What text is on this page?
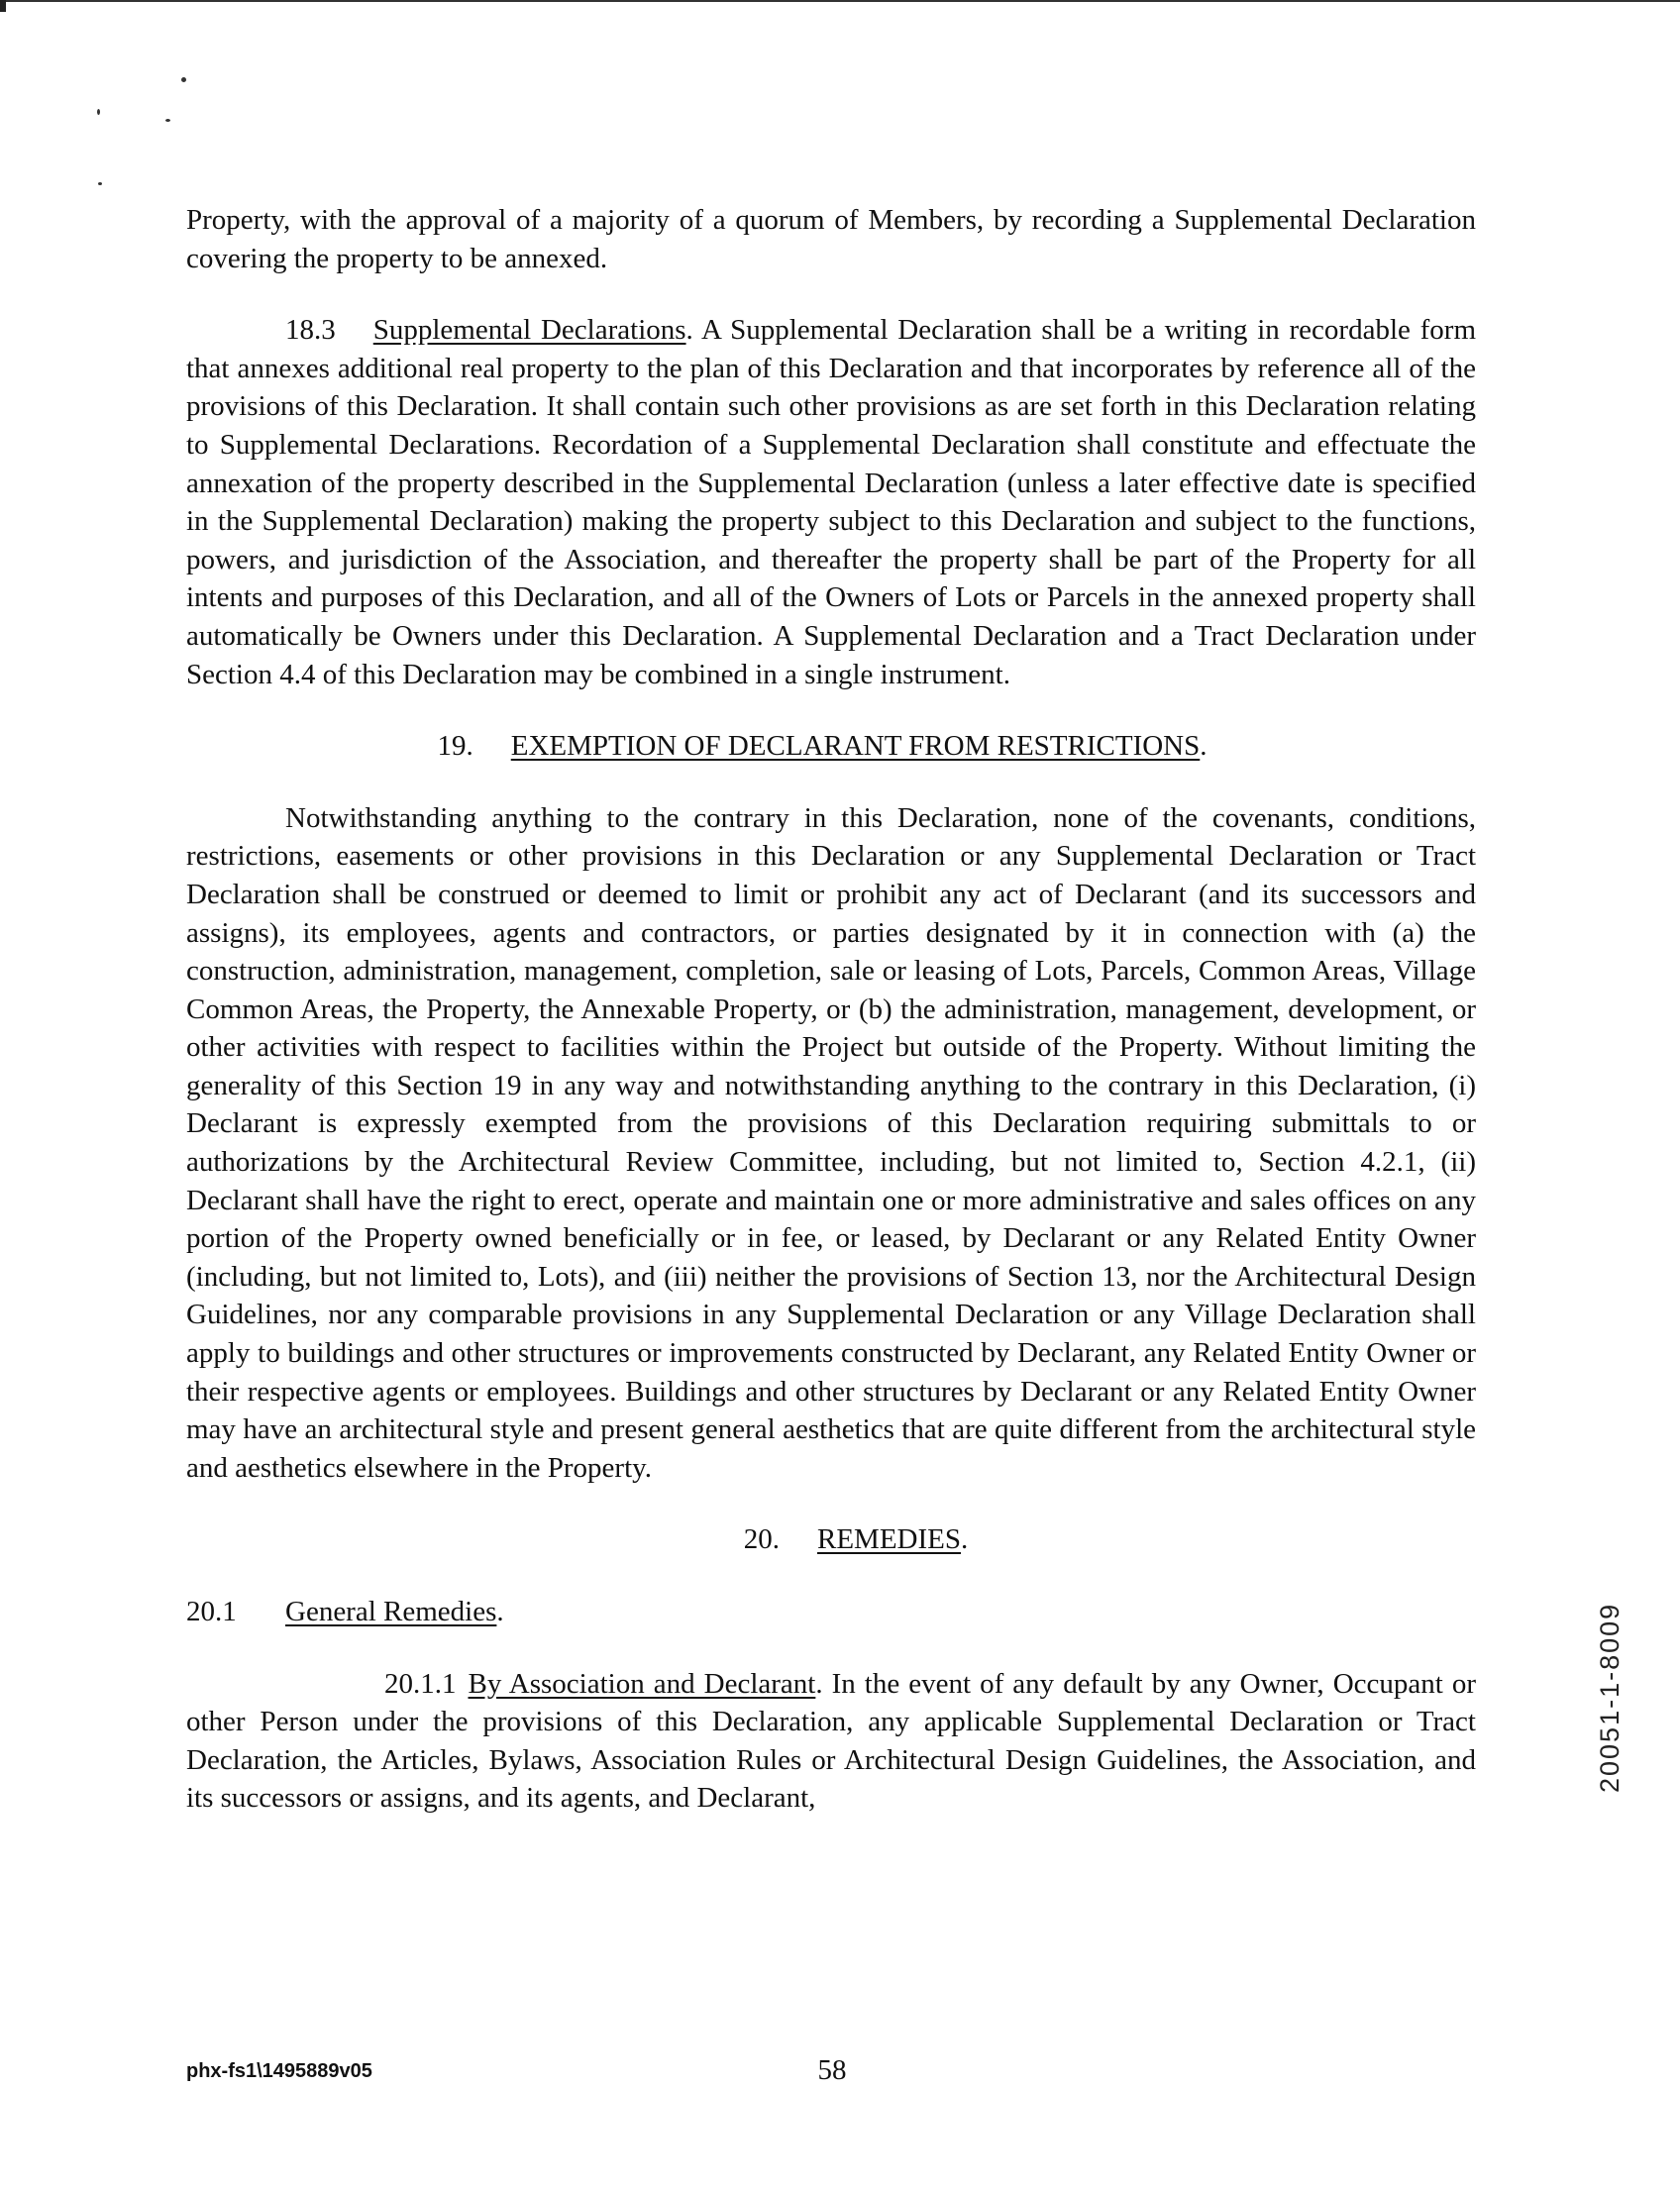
Property, with the approval of a majority of a quorum of Members, by recording a Supplemental Declaration covering the property to be annexed.

18.3 Supplemental Declarations. A Supplemental Declaration shall be a writing in recordable form that annexes additional real property to the plan of this Declaration and that incorporates by reference all of the provisions of this Declaration. It shall contain such other provisions as are set forth in this Declaration relating to Supplemental Declarations. Recordation of a Supplemental Declaration shall constitute and effectuate the annexation of the property described in the Supplemental Declaration (unless a later effective date is specified in the Supplemental Declaration) making the property subject to this Declaration and subject to the functions, powers, and jurisdiction of the Association, and thereafter the property shall be part of the Property for all intents and purposes of this Declaration, and all of the Owners of Lots or Parcels in the annexed property shall automatically be Owners under this Declaration. A Supplemental Declaration and a Tract Declaration under Section 4.4 of this Declaration may be combined in a single instrument.

19. EXEMPTION OF DECLARANT FROM RESTRICTIONS.

Notwithstanding anything to the contrary in this Declaration, none of the covenants, conditions, restrictions, easements or other provisions in this Declaration or any Supplemental Declaration or Tract Declaration shall be construed or deemed to limit or prohibit any act of Declarant (and its successors and assigns), its employees, agents and contractors, or parties designated by it in connection with (a) the construction, administration, management, completion, sale or leasing of Lots, Parcels, Common Areas, Village Common Areas, the Property, the Annexable Property, or (b) the administration, management, development, or other activities with respect to facilities within the Project but outside of the Property. Without limiting the generality of this Section 19 in any way and notwithstanding anything to the contrary in this Declaration, (i) Declarant is expressly exempted from the provisions of this Declaration requiring submittals to or authorizations by the Architectural Review Committee, including, but not limited to, Section 4.2.1, (ii) Declarant shall have the right to erect, operate and maintain one or more administrative and sales offices on any portion of the Property owned beneficially or in fee, or leased, by Declarant or any Related Entity Owner (including, but not limited to, Lots), and (iii) neither the provisions of Section 13, nor the Architectural Design Guidelines, nor any comparable provisions in any Supplemental Declaration or any Village Declaration shall apply to buildings and other structures or improvements constructed by Declarant, any Related Entity Owner or their respective agents or employees. Buildings and other structures by Declarant or any Related Entity Owner may have an architectural style and present general aesthetics that are quite different from the architectural style and aesthetics elsewhere in the Property.

20. REMEDIES.

20.1 General Remedies.

20.1.1 By Association and Declarant. In the event of any default by any Owner, Occupant or other Person under the provisions of this Declaration, any applicable Supplemental Declaration or Tract Declaration, the Articles, Bylaws, Association Rules or Architectural Design Guidelines, the Association, and its successors or assigns, and its agents, and Declarant,

phx-fs1\1495889v05	58
20051-1-8009
